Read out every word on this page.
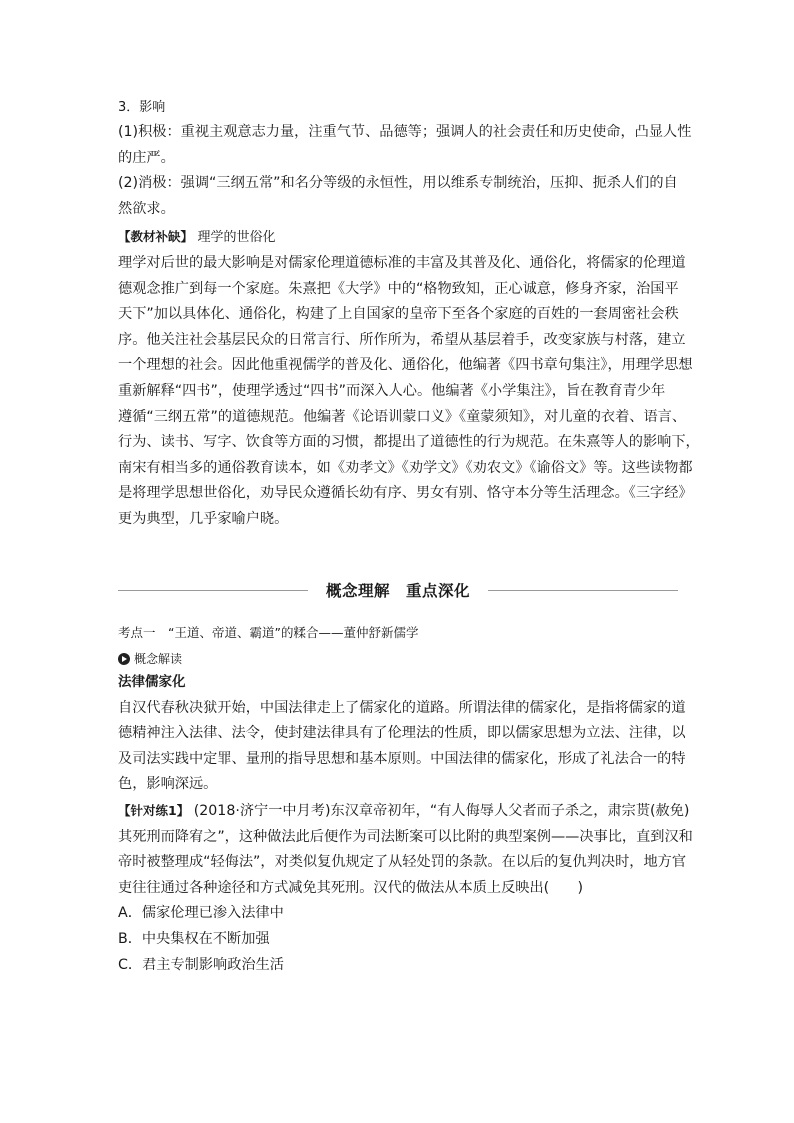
3．影响

(1)积极：重视主观意志力量，注重气节、品德等；强调人的社会责任和历史使命，凸显人性

的庄严。

(2)消极：强调“三纲五常”和名分等级的永恒性，用以维系专制统治，压抑、扼杀人们的自

然欲求。

【教材补缺】 理学的世俗化

理学对后世的最大影响是对儒家伦理道德标准的丰富及其普及化、通俗化，将儒家的伦理道

德观念推广到每一个家庭。朱熹把《大学》中的“格物致知，正心诚意，修身齐家，治国平

天下”加以具体化、通俗化，构建了上自国家的皇帝下至各个家庭的百姓的一套周密社会秩

序。他关注社会基层民众的日常言行、所作所为，希望从基层着手，改变家族与村落，建立

一个理想的社会。因此他重视儒学的普及化、通俗化，他编著《四书章句集注》，用理学思想

重新解释“四书”，使理学透过“四书”而深入人心。他编著《小学集注》，旨在教育青少年

遵循“三纲五常”的道德规范。他编著《论语训蒙口义》《童蒙须知》，对儿童的衣着、语言、

行为、读书、写字、饮食等方面的习惯，都提出了道德性的行为规范。在朱熹等人的影响下，

南宋有相当多的通俗教育读本，如《劝孝文》《劝学文》《劝农文》《谕俗文》等。这些读物都

是将理学思想世俗化，劝导民众遵循长幼有序、男女有别、恪守本分等生活理念。《三字经》

更为典型，几乎家喻户晓。

概念理解　重点深化

考点一　“王道、帝道、霸道”的糅合——董仲舒新儒学

概念解读

法律儒家化

自汉代春秋决狱开始，中国法律走上了儒家化的道路。所谓法律的儒家化，是指将儒家的道

德精神注入法律、法令，使封建法律具有了伦理法的性质，即以儒家思想为立法、注律，以

及司法实践中定罪、量刑的指导思想和基本原则。中国法律的儒家化，形成了礼法合一的特

色，影响深远。

【针对练1】 (2018·济宁一中月考)东汉章帝初年，“有人侮辱人父者而子杀之，肃宗贳(赦免)

其死刑而降宥之”，这种做法此后便作为司法断案可以比附的典型案例——决事比，直到汉和

帝时被整理成“轻侮法”，对类似复仇规定了从轻处罚的条款。在以后的复仇判决时，地方官

吏往往通过各种途径和方式减免其死刑。汉代的做法从本质上反映出(　　)

A．儒家伦理已渗入法律中

B．中央集权在不断加强

C．君主专制影响政治生活
